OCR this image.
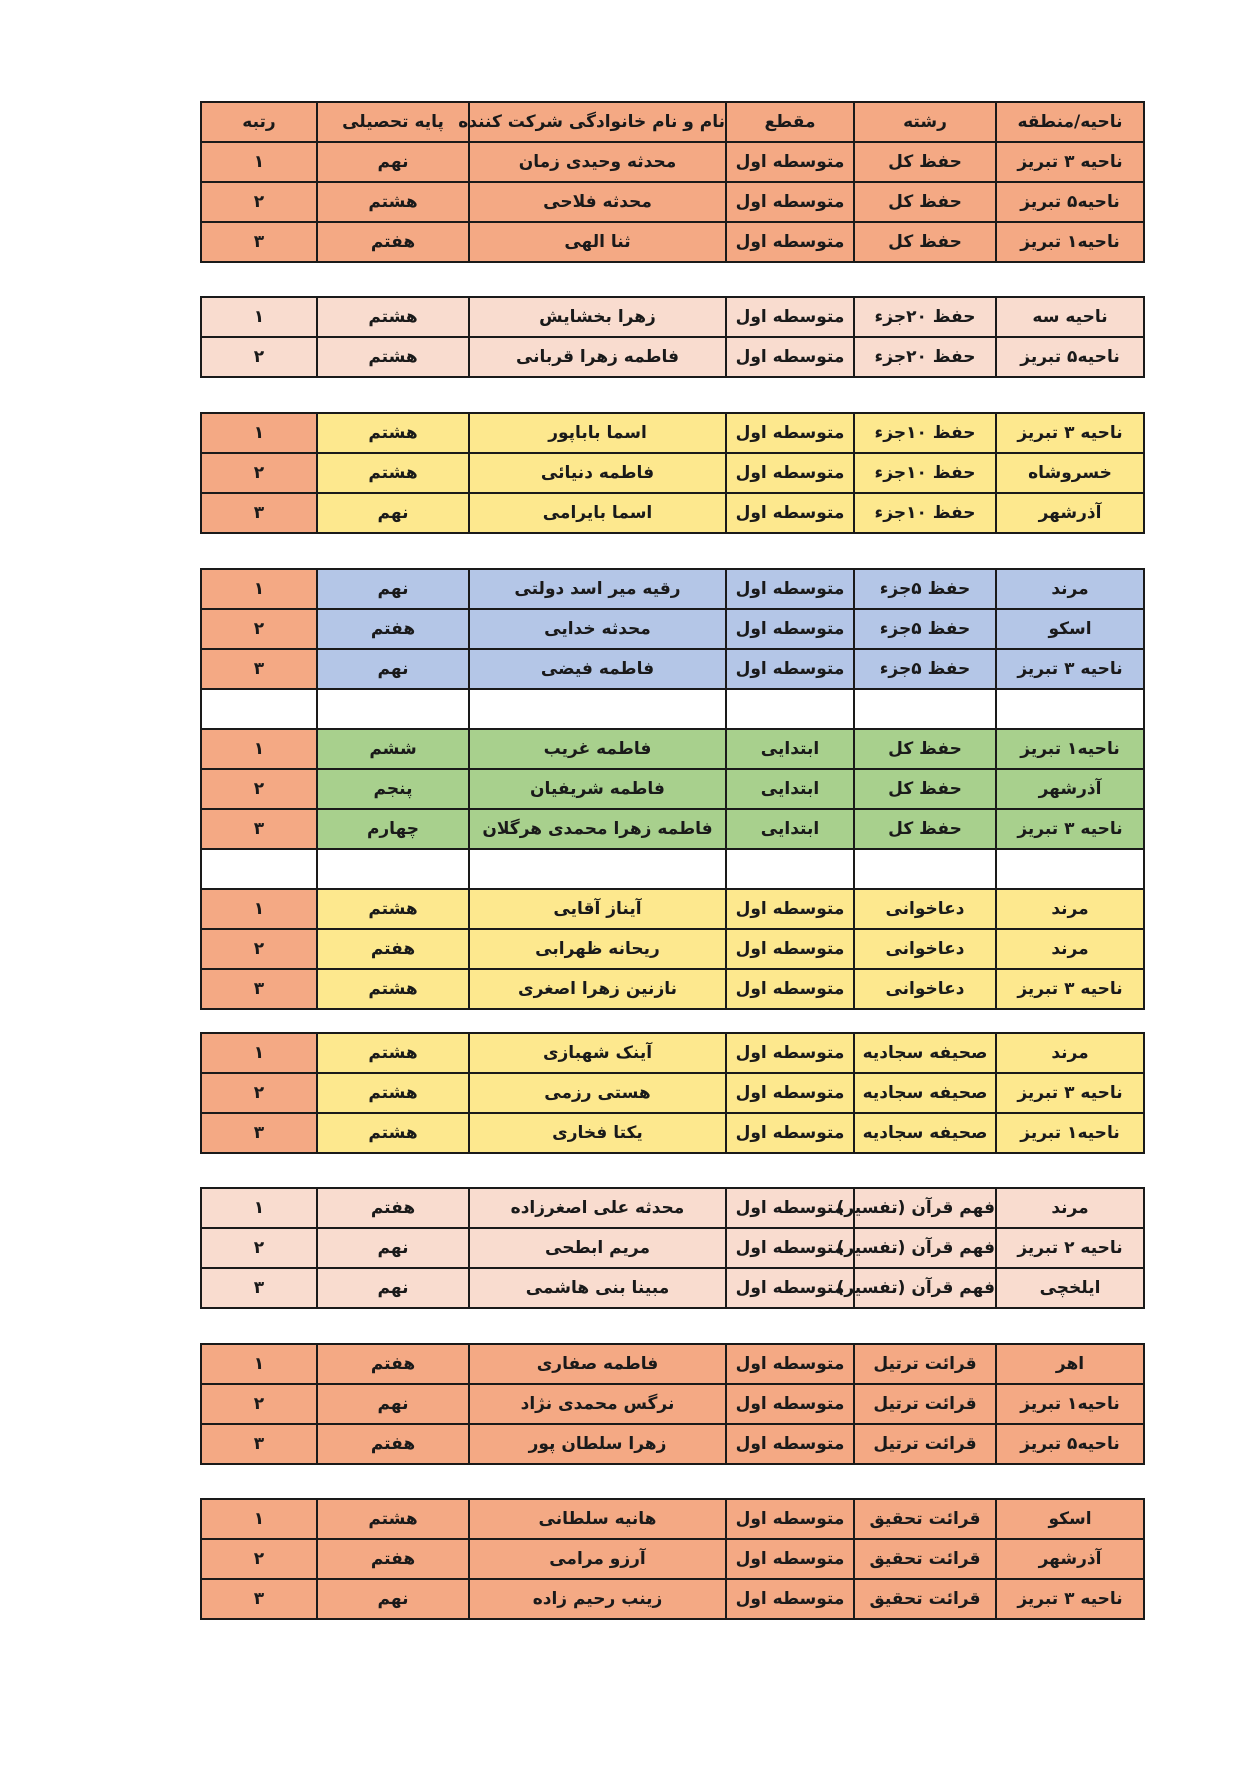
ناحیه/منطقه	رشته	مقطع	نام و نام خانوادگی شرکت کننده	پایه تحصیلی	رتبه
ناحیه ۳ تبریز	حفظ کل	متوسطه اول	محدثه وحیدی زمان	نهم	۱
ناحیه۵ تبریز	حفظ کل	متوسطه اول	محدثه فلاحی	هشتم	۲
ناحیه۱ تبریز	حفظ کل	متوسطه اول	ثنا الهی	هفتم	۳
ناحیه سه	حفظ ۲۰جزء	متوسطه اول	زهرا بخشایش	هشتم	۱
ناحیه۵ تبریز	حفظ ۲۰جزء	متوسطه اول	فاطمه زهرا قربانی	هشتم	۲
ناحیه ۳ تبریز	حفظ ۱۰جزء	متوسطه اول	اسما باباپور	هشتم	۱
خسروشاه	حفظ ۱۰جزء	متوسطه اول	فاطمه دنیائی	هشتم	۲
آذرشهر	حفظ ۱۰جزء	متوسطه اول	اسما بایرامی	نهم	۳
مرند	حفظ ۵جزء	متوسطه اول	رقیه میر اسد دولتی	نهم	۱
اسکو	حفظ ۵جزء	متوسطه اول	محدثه خدایی	هفتم	۲
ناحیه ۳ تبریز	حفظ ۵جزء	متوسطه اول	فاطمه فیضی	نهم	۳

ناحیه۱ تبریز	حفظ کل	ابتدایی	فاطمه غریب	ششم	۱
آذرشهر	حفظ کل	ابتدایی	فاطمه شریفیان	پنجم	۲
ناحیه ۳ تبریز	حفظ کل	ابتدایی	فاطمه زهرا محمدی هرگلان	چهارم	۳

مرند	دعاخوانی	متوسطه اول	آیناز آقایی	هشتم	۱
مرند	دعاخوانی	متوسطه اول	ریحانه ظهرابی	هفتم	۲
ناحیه ۳ تبریز	دعاخوانی	متوسطه اول	نازنین زهرا اصغری	هشتم	۳
مرند	صحیفه سجادیه	متوسطه اول	آینک شهبازی	هشتم	۱
ناحیه ۳ تبریز	صحیفه سجادیه	متوسطه اول	هستی رزمی	هشتم	۲
ناحیه۱ تبریز	صحیفه سجادیه	متوسطه اول	یکتا فخاری	هشتم	۳
مرند	فهم قرآن (تفسیر)	متوسطه اول	محدثه علی اصغرزاده	هفتم	۱
ناحیه ۲ تبریز	فهم قرآن (تفسیر)	متوسطه اول	مریم ابطحی	نهم	۲
ایلخچی	فهم قرآن (تفسیر)	متوسطه اول	مبینا بنی هاشمی	نهم	۳
اهر	قرائت ترتیل	متوسطه اول	فاطمه صفاری	هفتم	۱
ناحیه۱ تبریز	قرائت ترتیل	متوسطه اول	نرگس محمدی نژاد	نهم	۲
ناحیه۵ تبریز	قرائت ترتیل	متوسطه اول	زهرا سلطان پور	هفتم	۳
اسکو	قرائت تحقیق	متوسطه اول	هانیه سلطانی	هشتم	۱
آذرشهر	قرائت تحقیق	متوسطه اول	آرزو مرامی	هفتم	۲
ناحیه ۳ تبریز	قرائت تحقیق	متوسطه اول	زینب رحیم زاده	نهم	۳
